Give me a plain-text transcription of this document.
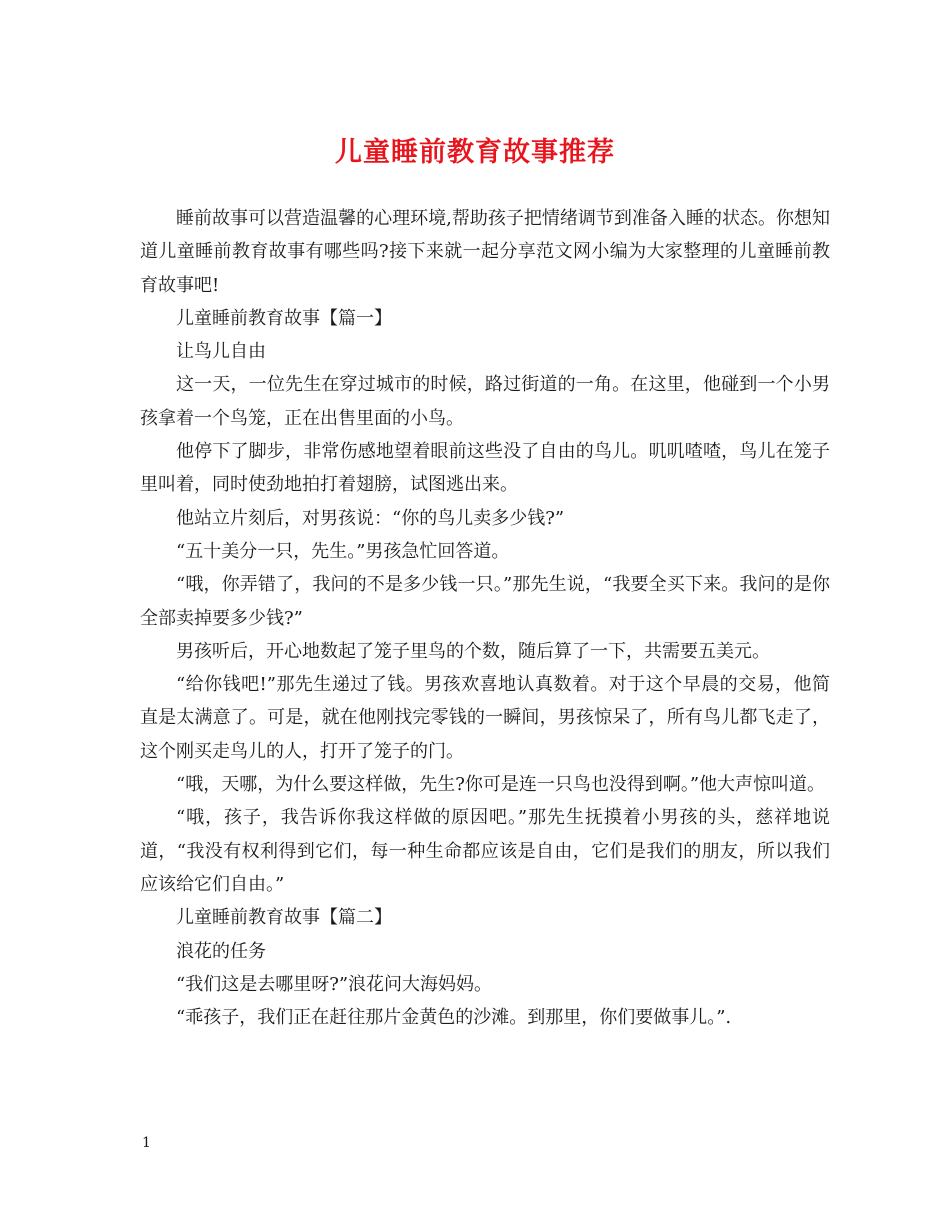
儿童睡前教育故事推荐

睡前故事可以营造温馨的心理环境,帮助孩子把情绪调节到准备入睡的状态。你想知道儿童睡前教育故事有哪些吗?接下来就一起分享范文网小编为大家整理的儿童睡前教育故事吧!

儿童睡前教育故事【篇一】

让鸟儿自由

这一天，一位先生在穿过城市的时候，路过街道的一角。在这里，他碰到一个小男孩拿着一个鸟笼，正在出售里面的小鸟。

他停下了脚步，非常伤感地望着眼前这些没了自由的鸟儿。叽叽喳喳，鸟儿在笼子里叫着，同时使劲地拍打着翅膀，试图逃出来。

他站立片刻后，对男孩说：“你的鸟儿卖多少钱?”

“五十美分一只，先生。”男孩急忙回答道。

“哦，你弄错了，我问的不是多少钱一只。”那先生说，“我要全买下来。我问的是你全部卖掉要多少钱?”

男孩听后，开心地数起了笼子里鸟的个数，随后算了一下，共需要五美元。

“给你钱吧!”那先生递过了钱。男孩欢喜地认真数着。对于这个早晨的交易，他简直是太满意了。可是，就在他刚找完零钱的一瞬间，男孩惊呆了，所有鸟儿都飞走了，这个刚买走鸟儿的人，打开了笼子的门。

“哦，天哪，为什么要这样做，先生?你可是连一只鸟也没得到啊。”他大声惊叫道。

“哦，孩子，我告诉你我这样做的原因吧。”那先生抚摸着小男孩的头，慈祥地说道，“我没有权利得到它们，每一种生命都应该是自由，它们是我们的朋友，所以我们应该给它们自由。”

儿童睡前教育故事【篇二】

浪花的任务

“我们这是去哪里呀?”浪花问大海妈妈。

“乖孩子，我们正在赶往那片金黄色的沙滩。到那里，你们要做事儿。”.

1
